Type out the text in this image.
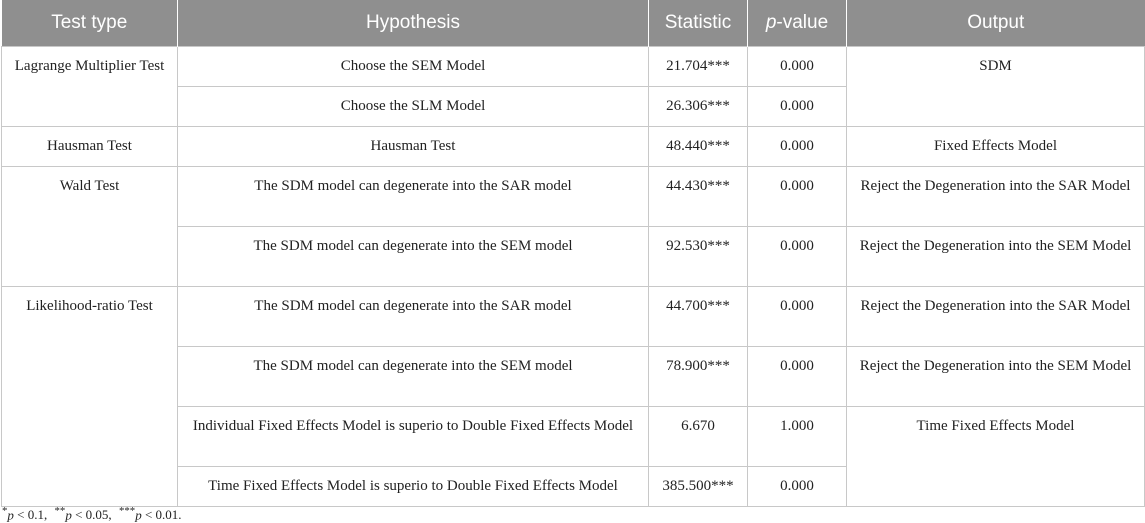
Test type	Hypothesis	Statistic	p-value	Output
Lagrange Multiplier Test	Choose the SEM Model	21.704***	0.000	SDM
	Choose the SLM Model	26.306***	0.000	
Hausman Test	Hausman Test	48.440***	0.000	Fixed Effects Model
Wald Test	The SDM model can degenerate into the SAR model	44.430***	0.000	Reject the Degeneration into the SAR Model
	The SDM model can degenerate into the SEM model	92.530***	0.000	Reject the Degeneration into the SEM Model
Likelihood-ratio Test	The SDM model can degenerate into the SAR model	44.700***	0.000	Reject the Degeneration into the SAR Model
	The SDM model can degenerate into the SEM model	78.900***	0.000	Reject the Degeneration into the SEM Model
	Individual Fixed Effects Model is superio to Double Fixed Effects Model	6.670	1.000	Time Fixed Effects Model
	Time Fixed Effects Model is superio to Double Fixed Effects Model	385.500***	0.000	
*p < 0.1, **p < 0.05, ***p < 0.01.
